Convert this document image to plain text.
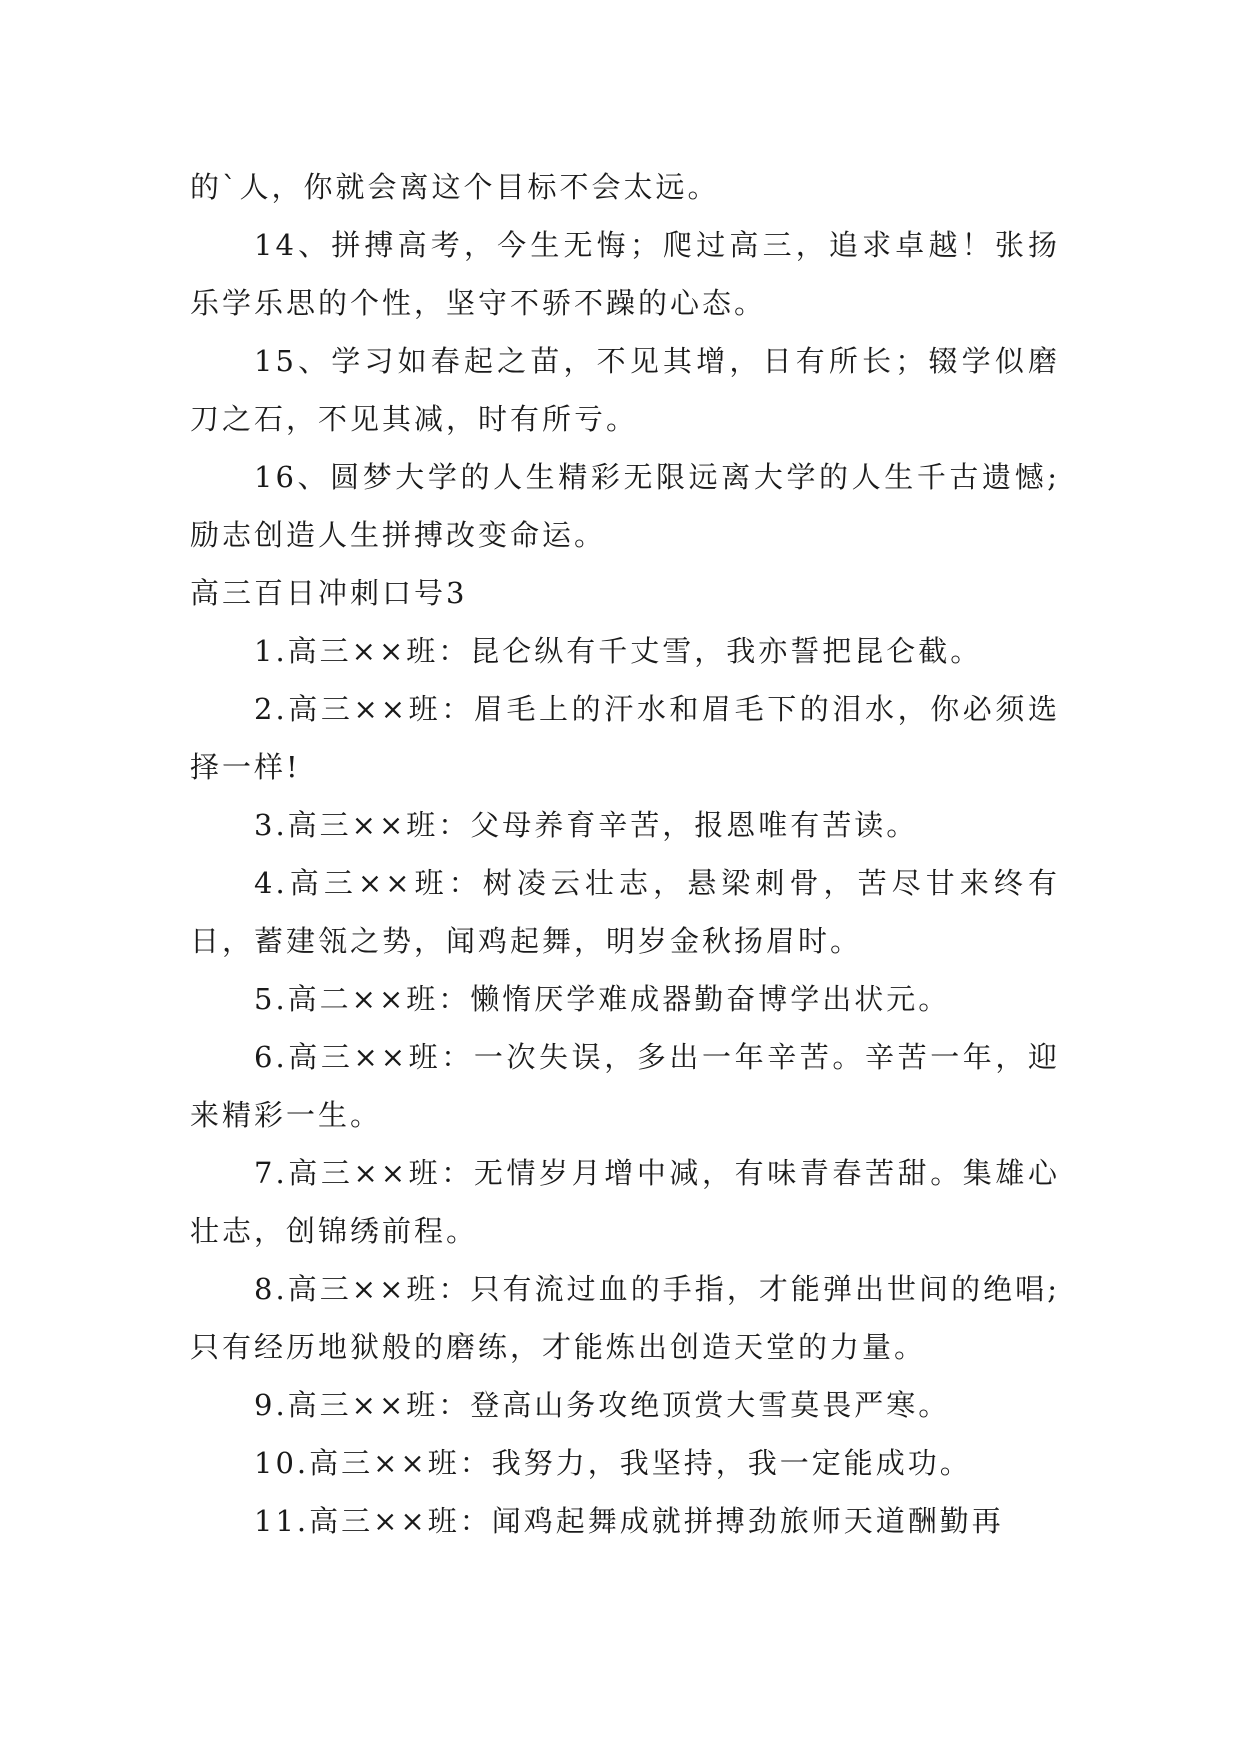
的`人，你就会离这个目标不会太远。

14、拼搏高考，今生无悔；爬过高三，追求卓越！张扬乐学乐思的个性，坚守不骄不躁的心态。

15、学习如春起之苗，不见其增，日有所长；辍学似磨刀之石，不见其减，时有所亏。

16、圆梦大学的人生精彩无限远离大学的人生千古遗憾;励志创造人生拼搏改变命运。

高三百日冲刺口号3

1.高三××班：昆仑纵有千丈雪，我亦誓把昆仑截。

2.高三××班：眉毛上的汗水和眉毛下的泪水，你必须选择一样!

3.高三××班：父母养育辛苦，报恩唯有苦读。

4.高三××班：树凌云壮志，悬梁刺骨，苦尽甘来终有日，蓄建瓴之势，闻鸡起舞，明岁金秋扬眉时。

5.高二××班：懒惰厌学难成器勤奋博学出状元。

6.高三××班：一次失误，多出一年辛苦。辛苦一年，迎来精彩一生。

7.高三××班：无情岁月增中减，有味青春苦甜。集雄心壮志，创锦绣前程。

8.高三××班：只有流过血的手指，才能弹出世间的绝唱;只有经历地狱般的磨练，才能炼出创造天堂的力量。

9.高三××班：登高山务攻绝顶赏大雪莫畏严寒。

10.高三××班：我努力，我坚持，我一定能成功。

11.高三××班：闻鸡起舞成就拼搏劲旅师天道酬勤再
